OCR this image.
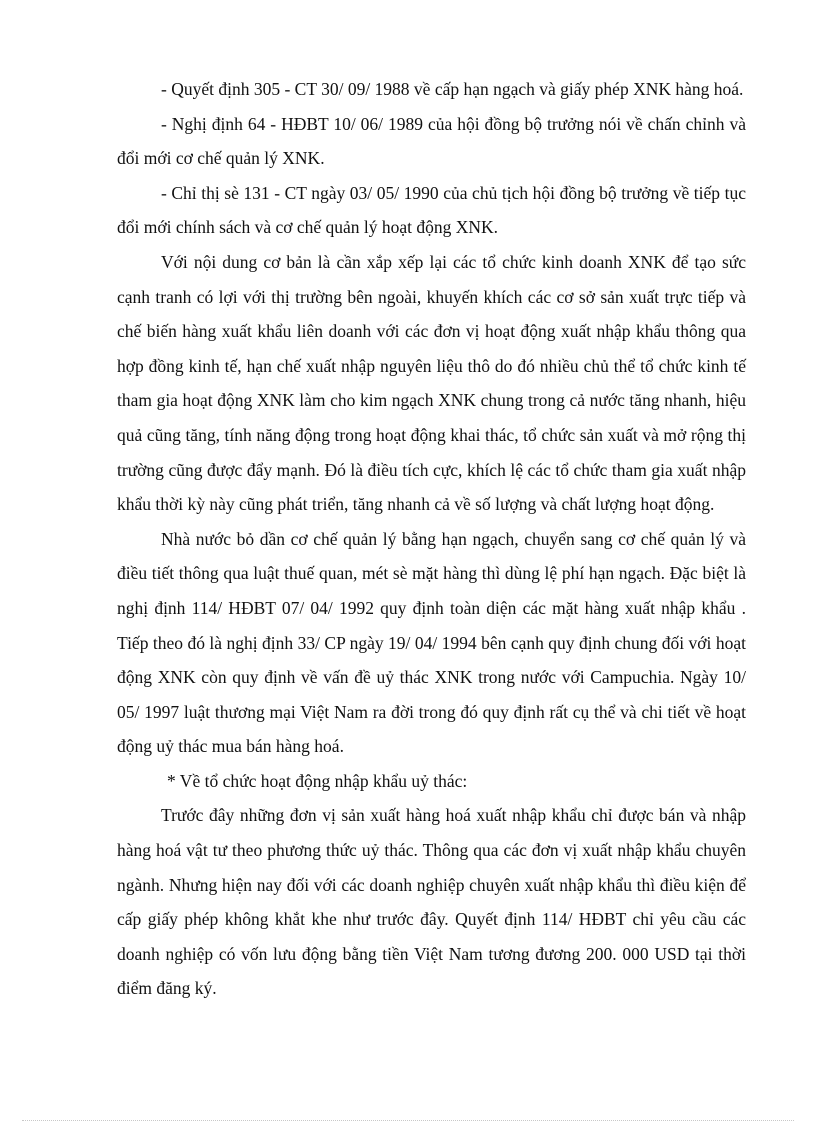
- Quyết định 305 - CT 30/ 09/ 1988 về cấp hạn ngạch và giấy phép XNK hàng hoá.

- Nghị định 64 - HĐBT 10/ 06/ 1989 của hội đồng bộ trưởng nói về chấn chỉnh và đổi mới cơ chế quản lý XNK.

- Chỉ thị sè 131 - CT ngày 03/ 05/ 1990 của chủ tịch hội đồng bộ trưởng về tiếp tục đổi mới chính sách và cơ chế quản lý hoạt động XNK.

Với nội dung cơ bản là cần xắp xếp lại các tổ chức kinh doanh XNK để tạo sức cạnh tranh có lợi với thị trường bên ngoài, khuyến khích các cơ sở sản xuất trực tiếp và chế biến hàng xuất khẩu liên doanh với các đơn vị hoạt động xuất nhập khẩu thông qua hợp đồng kinh tế, hạn chế xuất nhập nguyên liệu thô do đó nhiều chủ thể tổ chức kinh tế tham gia hoạt động XNK làm cho kim ngạch XNK chung trong cả nước tăng nhanh, hiệu quả cũng tăng, tính năng động trong hoạt động khai thác, tổ chức sản xuất và mở rộng thị trường cũng được đẩy mạnh. Đó là điều tích cực, khích lệ các tổ chức tham gia xuất nhập khẩu thời kỳ này cũng phát triển, tăng nhanh cả về số lượng và chất lượng hoạt động.

Nhà nước bỏ dần cơ chế quản lý bằng hạn ngạch, chuyển sang cơ chế quản lý và điều tiết thông qua luật thuế quan, mét sè mặt hàng thì dùng lệ phí hạn ngạch. Đặc biệt là nghị định 114/ HĐBT 07/ 04/ 1992 quy định toàn diện các mặt hàng xuất nhập khẩu . Tiếp theo đó là nghị định 33/ CP ngày 19/ 04/ 1994 bên cạnh quy định chung đối với hoạt động XNK còn quy định về vấn đề uỷ thác XNK trong nước với Campuchia. Ngày 10/ 05/ 1997 luật thương mại Việt Nam ra đời trong đó quy định rất cụ thể và chi tiết về hoạt động uỷ thác mua bán hàng hoá.

* Về tổ chức hoạt động nhập khẩu uỷ thác:

Trước đây những đơn vị sản xuất hàng hoá xuất nhập khẩu chỉ được bán và nhập hàng hoá vật tư theo phương thức uỷ thác. Thông qua các đơn vị xuất nhập khẩu chuyên ngành. Nhưng hiện nay đối với các doanh nghiệp chuyên xuất nhập khẩu thì điều kiện để cấp giấy phép không khắt khe như trước đây. Quyết định 114/ HĐBT chỉ yêu cầu các doanh nghiệp có vốn lưu động bằng tiền Việt Nam tương đương 200. 000 USD tại thời điểm đăng ký.
